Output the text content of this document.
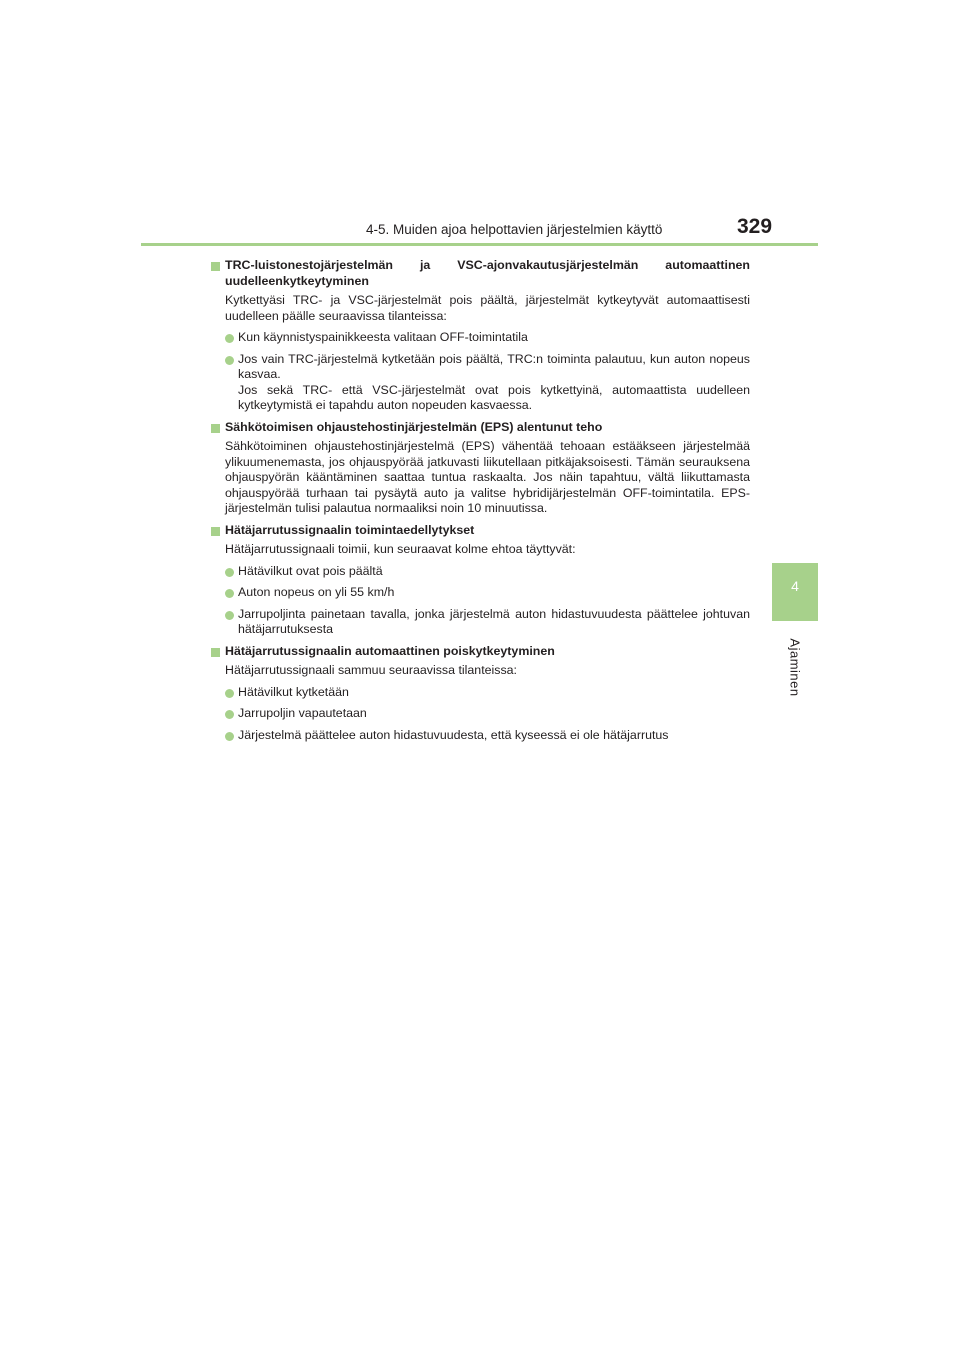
4-5. Muiden ajoa helpottavien järjestelmien käyttö	329
4
Ajaminen
TRC-luistonestojärjestelmän ja VSC-ajonvakautusjärjestelmän automaattinen uudelleenkytkeytyminen
Kytkettyäsi TRC- ja VSC-järjestelmät pois päältä, järjestelmät kytkeytyvät automaattisesti uudelleen päälle seuraavissa tilanteissa:
Kun käynnistyspainikkeesta valitaan OFF-toimintatila
Jos vain TRC-järjestelmä kytketään pois päältä, TRC:n toiminta palautuu, kun auton nopeus kasvaa.
Jos sekä TRC- että VSC-järjestelmät ovat pois kytkettyinä, automaattista uudelleen kytkeytymistä ei tapahdu auton nopeuden kasvaessa.
Sähkötoimisen ohjaustehostinjärjestelmän (EPS) alentunut teho
Sähkötoiminen ohjaustehostinjärjestelmä (EPS) vähentää tehoaan estääkseen järjestelmää ylikuumenemasta, jos ohjauspyörää jatkuvasti liikutellaan pitkäjaksoisesti. Tämän seurauksena ohjauspyörän kääntäminen saattaa tuntua raskaalta. Jos näin tapahtuu, vältä liikuttamasta ohjauspyörää turhaan tai pysäytä auto ja valitse hybridijärjestelmän OFF-toimintatila. EPS-järjestelmän tulisi palautua normaaliksi noin 10 minuutissa.
Hätäjarrutussignaalin toimintaedellytykset
Hätäjarrutussignaali toimii, kun seuraavat kolme ehtoa täyttyvät:
Hätävilkut ovat pois päältä
Auton nopeus on yli 55 km/h
Jarrupoljinta painetaan tavalla, jonka järjestelmä auton hidastuvuudesta päättelee johtuvan hätäjarrutuksesta
Hätäjarrutussignaalin automaattinen poiskytkeytyminen
Hätäjarrutussignaali sammuu seuraavissa tilanteissa:
Hätävilkut kytketään
Jarrupoljin vapautetaan
Järjestelmä päättelee auton hidastuvuudesta, että kyseessä ei ole hätäjarrutus
